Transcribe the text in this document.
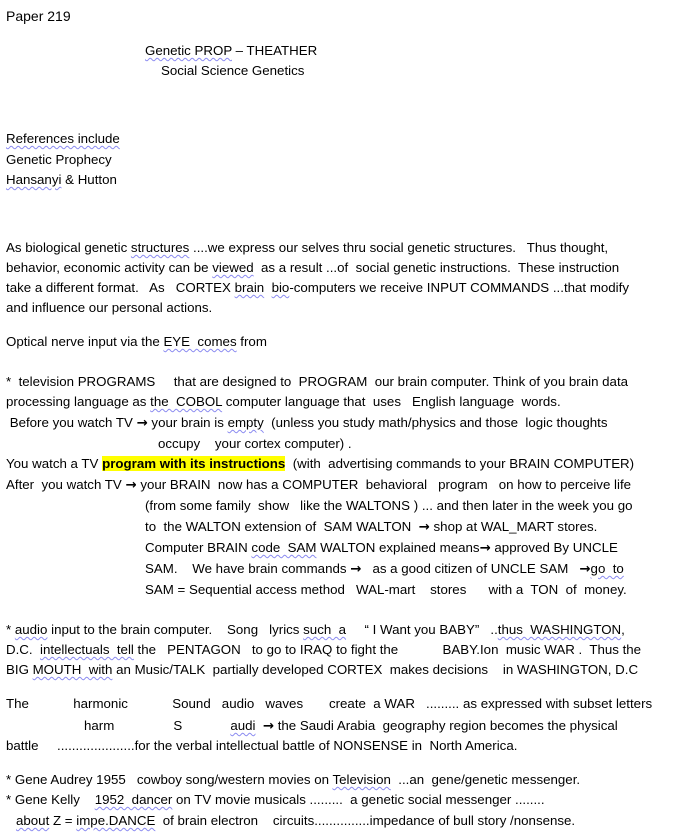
Paper 219
Genetic PROP – THEATHER
Social Science Genetics
References include
Genetic Prophecy
Hansanyi & Hutton
As biological genetic structures ....we express our selves thru social genetic structures.   Thus thought,
behavior, economic activity can be viewed  as a result ...of  social genetic instructions.  These instruction
take a different format.   As   CORTEX brain bio-computers we receive INPUT COMMANDS ...that modify
and influence our personal actions.
Optical nerve input via the EYE  comes from
*  television PROGRAMS     that are designed to  PROGRAM  our brain computer. Think of you brain data
processing language as the  COBOL computer language that  uses   English language  words.
Before you watch TV → your brain is empty  (unless you study math/physics and those  logic thoughts
occupy    your cortex computer) .
You watch a TV program with its instructions  (with  advertising commands to your BRAIN COMPUTER)
After  you watch TV → your BRAIN  now has a COMPUTER  behavioral   program   on how to perceive life
(from some family  show   like the WALTONS ) ... and then later in the week you go
to  the WALTON extension of  SAM WALTON  → shop at WAL_MART stores.
Computer BRAIN code  SAM WALTON explained means→ approved By UNCLE
SAM.    We have brain commands →   as a good citizen of UNCLE SAM   →go  to
SAM = Sequential access method   WAL-mart    stores      with a  TON  of  money.
* audio input to the brain computer.    Song   lyrics such  a     “ I Want you BABY”   ..thus  WASHINGTON,
D.C.  intellectuals  tell the   PENTAGON   to go to IRAQ to fight the            BABY.Ion  music WAR .  Thus the
BIG MOUTH  with an Music/TALK  partially developed CORTEX  makes decisions    in WASHINGTON, D.C
The            harmonic            Sound   audio   waves       create  a WAR   ......... as expressed with subset letters
harm                S             audi → the Saudi Arabia  geography region becomes the physical
battle     .....................for the verbal intellectual battle of NONSENSE in  North America.
* Gene Audrey 1955   cowboy song/western movies on Television  ...an  gene/genetic messenger.
* Gene Kelly    1952  dancer on TV movie musicals .........  a genetic social messenger ........
about Z = impe.DANCE  of brain electron    circuits...............impedance of bull story /nonsense.
